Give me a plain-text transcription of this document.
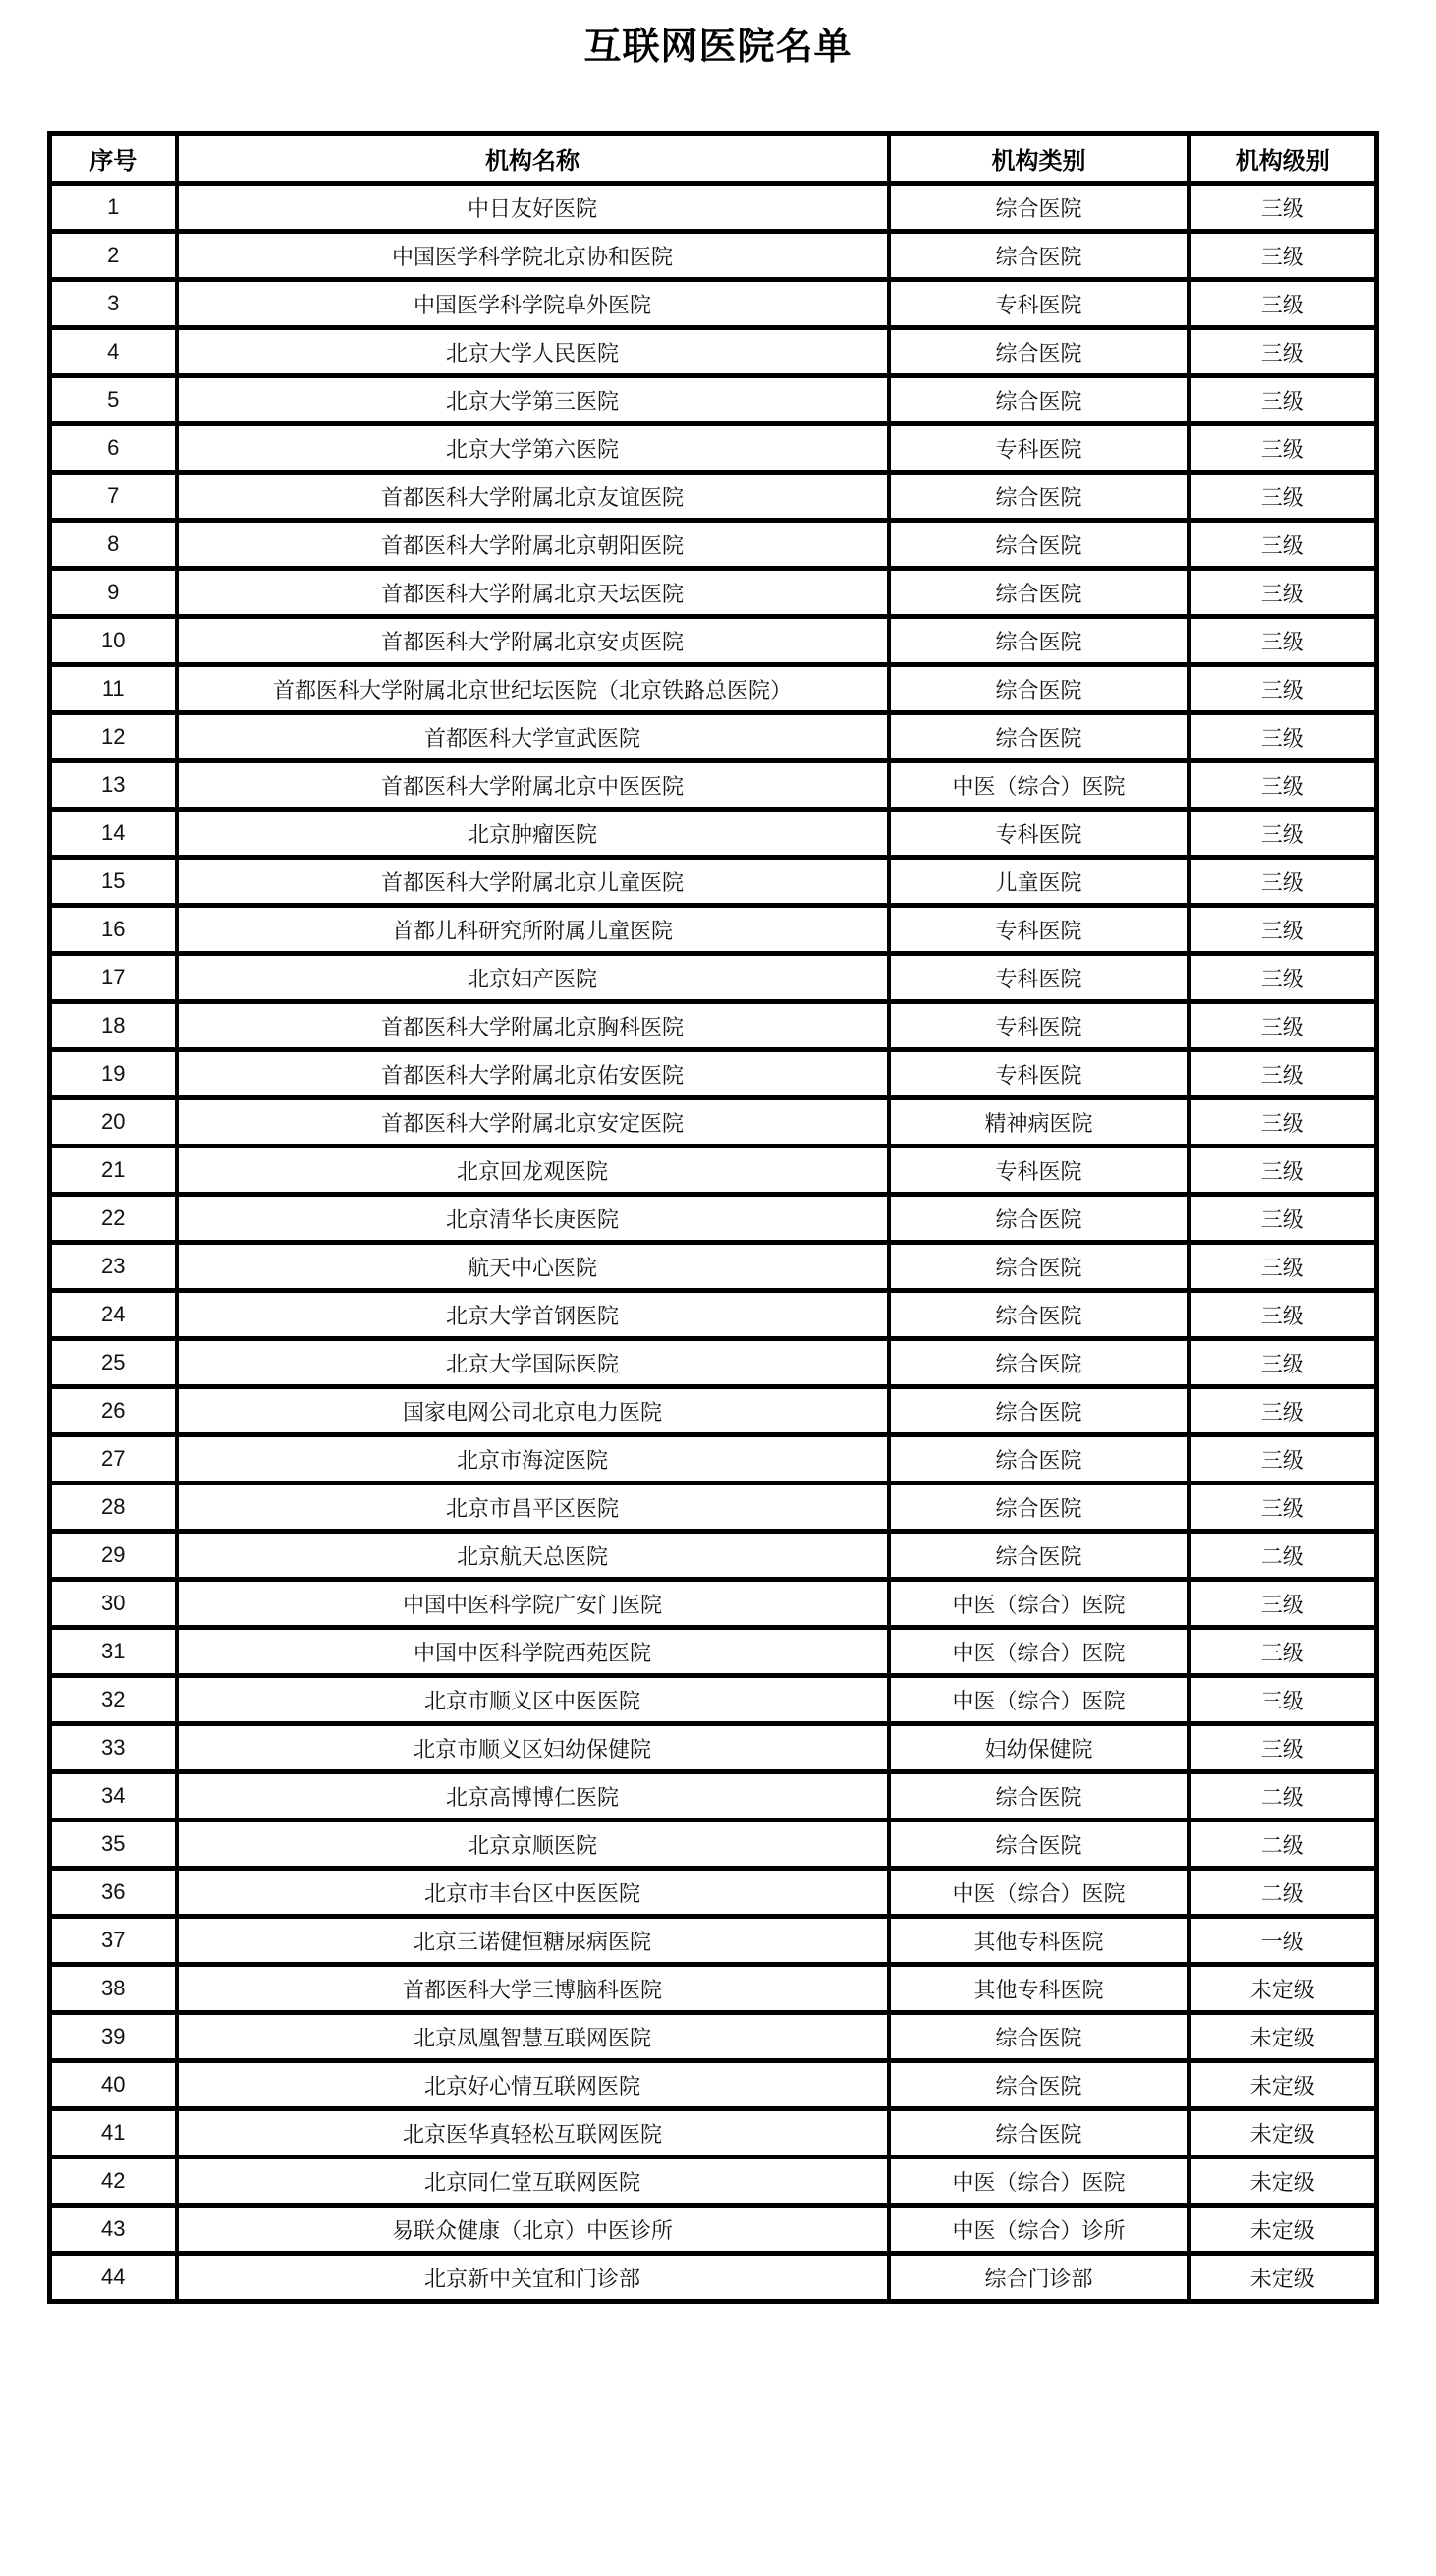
互联网医院名单
序号	机构名称	机构类别	机构级别
1	中日友好医院	综合医院	三级
2	中国医学科学院北京协和医院	综合医院	三级
3	中国医学科学院阜外医院	专科医院	三级
4	北京大学人民医院	综合医院	三级
5	北京大学第三医院	综合医院	三级
6	北京大学第六医院	专科医院	三级
7	首都医科大学附属北京友谊医院	综合医院	三级
8	首都医科大学附属北京朝阳医院	综合医院	三级
9	首都医科大学附属北京天坛医院	综合医院	三级
10	首都医科大学附属北京安贞医院	综合医院	三级
11	首都医科大学附属北京世纪坛医院（北京铁路总医院）	综合医院	三级
12	首都医科大学宣武医院	综合医院	三级
13	首都医科大学附属北京中医医院	中医（综合）医院	三级
14	北京肿瘤医院	专科医院	三级
15	首都医科大学附属北京儿童医院	儿童医院	三级
16	首都儿科研究所附属儿童医院	专科医院	三级
17	北京妇产医院	专科医院	三级
18	首都医科大学附属北京胸科医院	专科医院	三级
19	首都医科大学附属北京佑安医院	专科医院	三级
20	首都医科大学附属北京安定医院	精神病医院	三级
21	北京回龙观医院	专科医院	三级
22	北京清华长庚医院	综合医院	三级
23	航天中心医院	综合医院	三级
24	北京大学首钢医院	综合医院	三级
25	北京大学国际医院	综合医院	三级
26	国家电网公司北京电力医院	综合医院	三级
27	北京市海淀医院	综合医院	三级
28	北京市昌平区医院	综合医院	三级
29	北京航天总医院	综合医院	二级
30	中国中医科学院广安门医院	中医（综合）医院	三级
31	中国中医科学院西苑医院	中医（综合）医院	三级
32	北京市顺义区中医医院	中医（综合）医院	三级
33	北京市顺义区妇幼保健院	妇幼保健院	三级
34	北京高博博仁医院	综合医院	二级
35	北京京顺医院	综合医院	二级
36	北京市丰台区中医医院	中医（综合）医院	二级
37	北京三诺健恒糖尿病医院	其他专科医院	一级
38	首都医科大学三博脑科医院	其他专科医院	未定级
39	北京凤凰智慧互联网医院	综合医院	未定级
40	北京好心情互联网医院	综合医院	未定级
41	北京医华真轻松互联网医院	综合医院	未定级
42	北京同仁堂互联网医院	中医（综合）医院	未定级
43	易联众健康（北京）中医诊所	中医（综合）诊所	未定级
44	北京新中关宜和门诊部	综合门诊部	未定级
